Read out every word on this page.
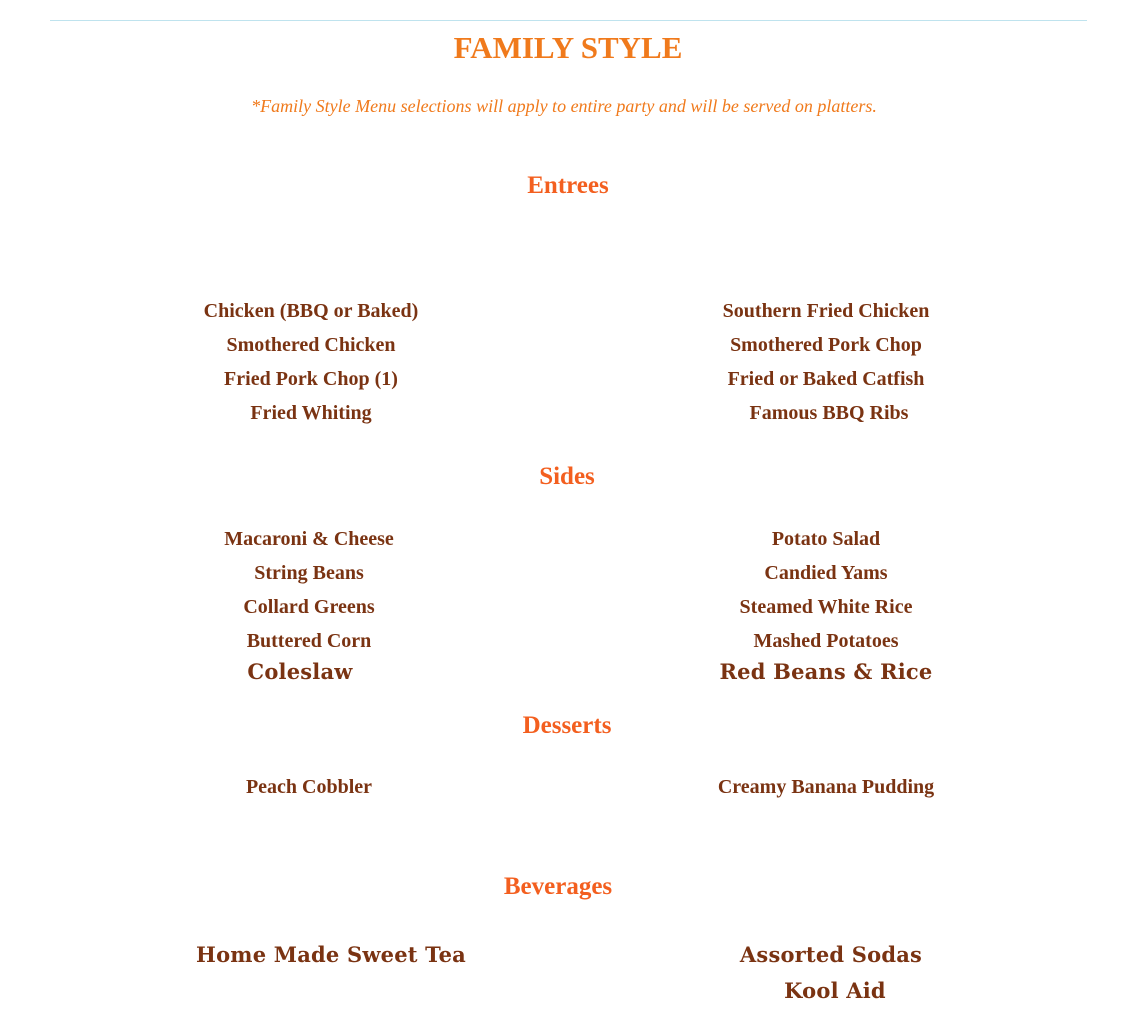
FAMILY STYLE
*Family Style Menu selections will apply to entire party and will be served on platters.
Entrees
Chicken (BBQ or Baked)
Smothered Chicken
Fried Pork Chop (1)
Fried Whiting
Southern Fried Chicken
Smothered Pork Chop
Fried or Baked Catfish
Famous BBQ Ribs
Sides
Macaroni & Cheese
String Beans
Collard Greens
Buttered Corn
Coleslaw
Potato Salad
Candied Yams
Steamed White Rice
Mashed Potatoes
Red Beans & Rice
Desserts
Peach Cobbler	Creamy Banana Pudding
Beverages
Home Made Sweet Tea	Assorted Sodas
Kool Aid
